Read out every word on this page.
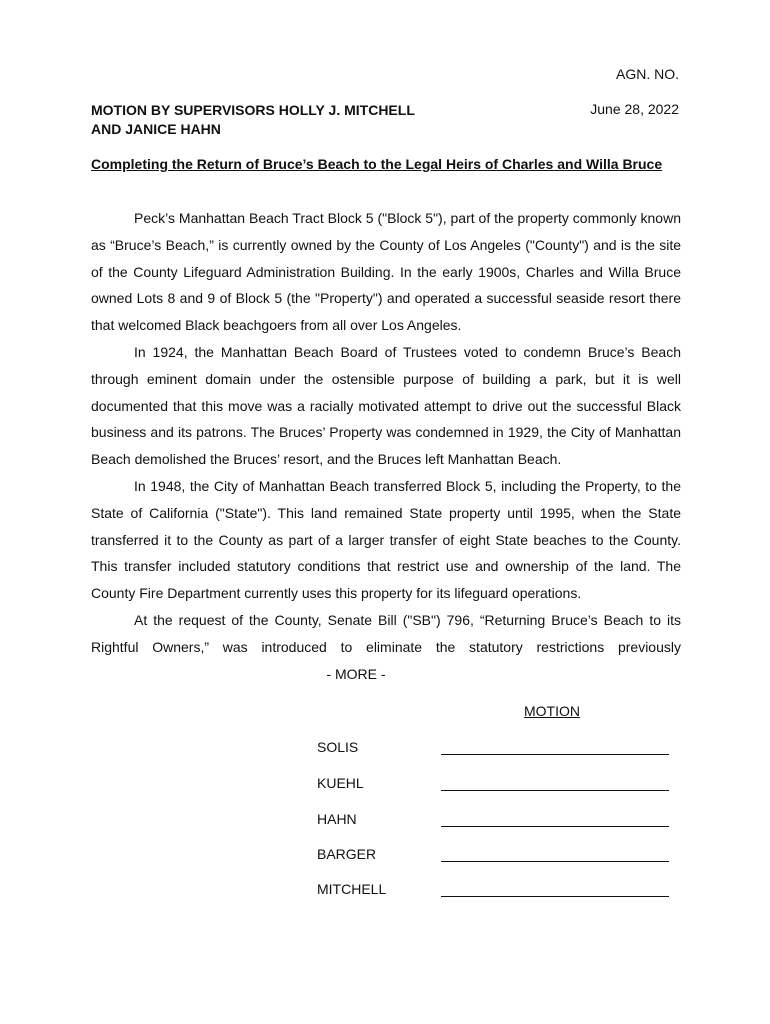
AGN. NO.
MOTION BY SUPERVISORS HOLLY J. MITCHELL
AND JANICE HAHN
June 28, 2022
Completing the Return of Bruce’s Beach to the Legal Heirs of Charles and Willa Bruce

Peck’s Manhattan Beach Tract Block 5 ("Block 5"), part of the property commonly known as “Bruce’s Beach,” is currently owned by the County of Los Angeles ("County") and is the site of the County Lifeguard Administration Building. In the early 1900s, Charles and Willa Bruce owned Lots 8 and 9 of Block 5 (the "Property") and operated a successful seaside resort there that welcomed Black beachgoers from all over Los Angeles.

In 1924, the Manhattan Beach Board of Trustees voted to condemn Bruce’s Beach through eminent domain under the ostensible purpose of building a park, but it is well documented that this move was a racially motivated attempt to drive out the successful Black business and its patrons. The Bruces’ Property was condemned in 1929, the City of Manhattan Beach demolished the Bruces’ resort, and the Bruces left Manhattan Beach.

In 1948, the City of Manhattan Beach transferred Block 5, including the Property, to the State of California ("State"). This land remained State property until 1995, when the State transferred it to the County as part of a larger transfer of eight State beaches to the County. This transfer included statutory conditions that restrict use and ownership of the land. The County Fire Department currently uses this property for its lifeguard operations.

At the request of the County, Senate Bill ("SB") 796, “Returning Bruce’s Beach to its Rightful Owners,” was introduced to eliminate the statutory restrictions previously

- MORE -
MOTION
SOLIS
KUEHL
HAHN
BARGER
MITCHELL
